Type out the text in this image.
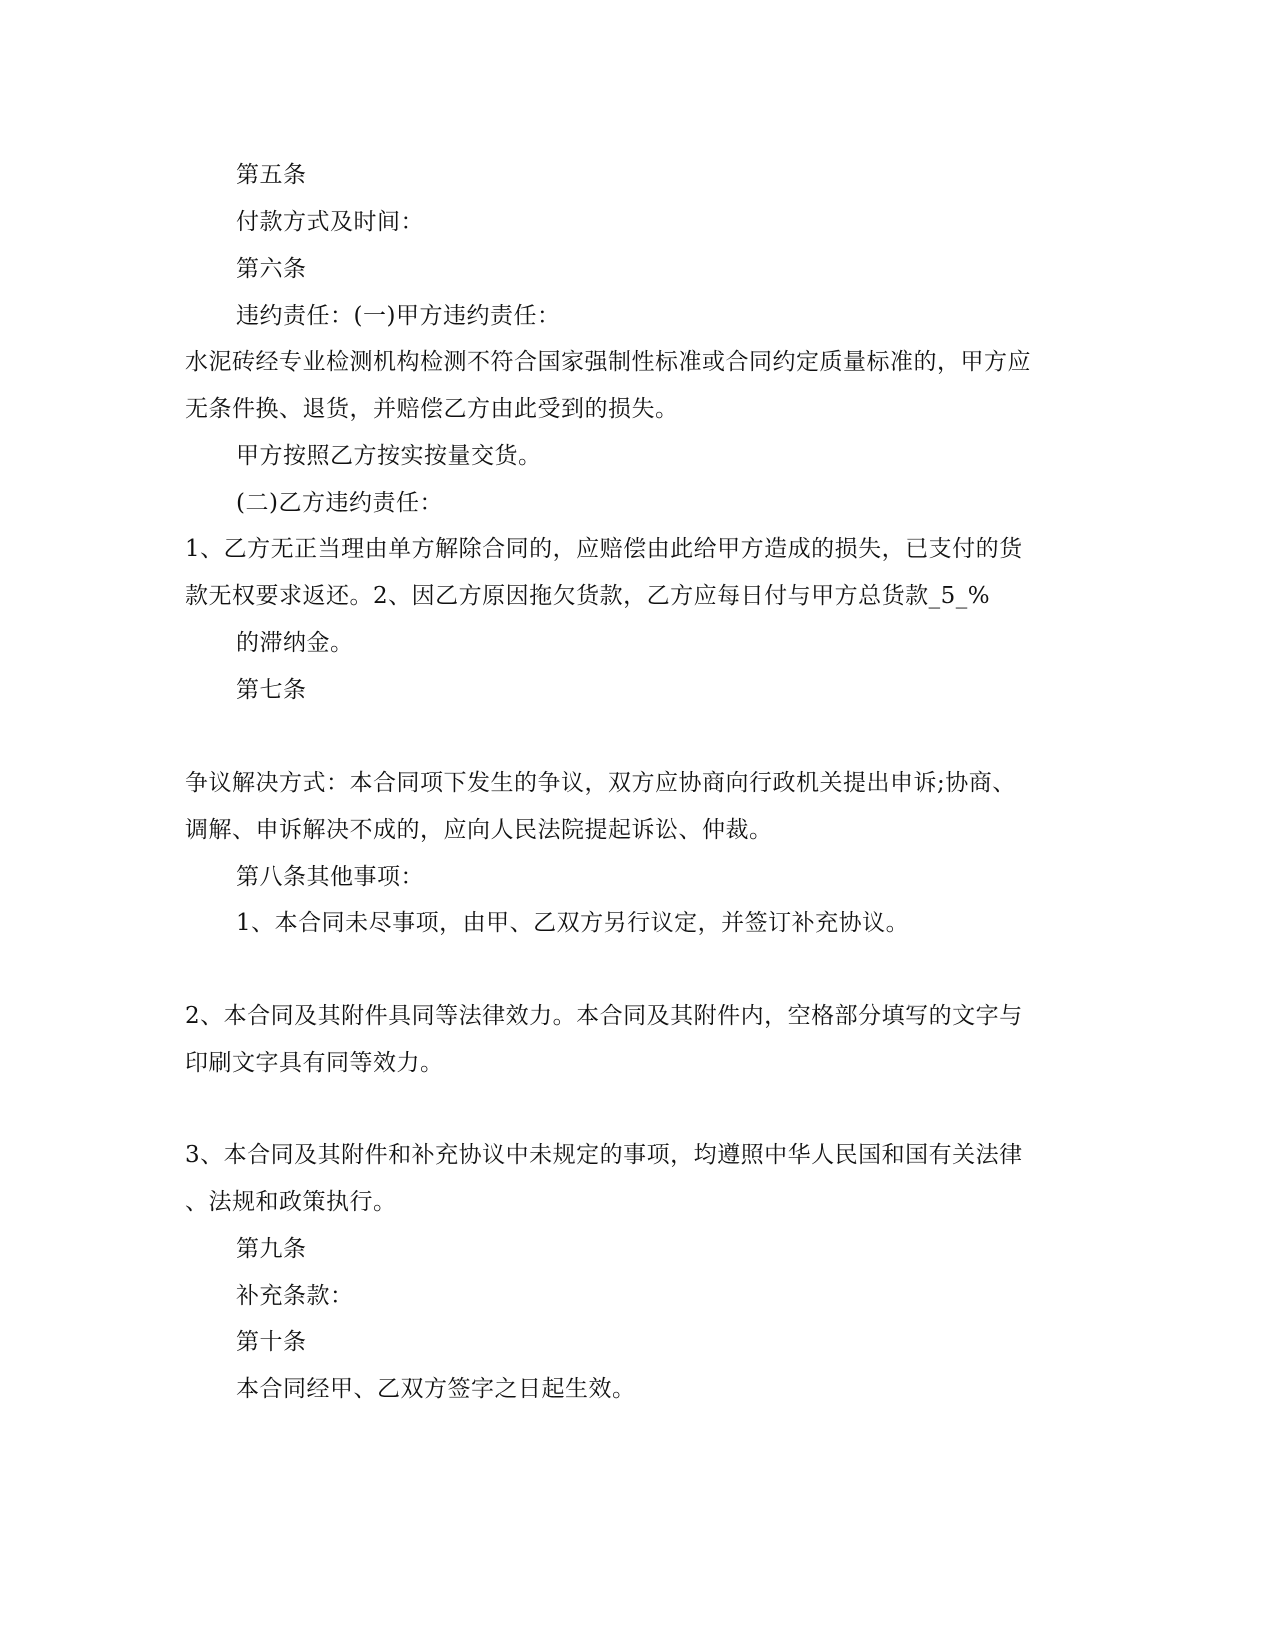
第五条
付款方式及时间：
第六条
违约责任：(一)甲方违约责任：
水泥砖经专业检测机构检测不符合国家强制性标准或合同约定质量标准的，甲方应
无条件换、退货，并赔偿乙方由此受到的损失。
甲方按照乙方按实按量交货。
(二)乙方违约责任：
1、乙方无正当理由单方解除合同的，应赔偿由此给甲方造成的损失，已支付的货
款无权要求返还。2、因乙方原因拖欠货款，乙方应每日付与甲方总货款_5_%
的滞纳金。
第七条
争议解决方式：本合同项下发生的争议，双方应协商向行政机关提出申诉;协商、
调解、申诉解决不成的，应向人民法院提起诉讼、仲裁。
第八条其他事项：
1、本合同未尽事项，由甲、乙双方另行议定，并签订补充协议。
2、本合同及其附件具同等法律效力。本合同及其附件内，空格部分填写的文字与
印刷文字具有同等效力。
3、本合同及其附件和补充协议中未规定的事项，均遵照中华人民国和国有关法律
、法规和政策执行。
第九条
补充条款：
第十条
本合同经甲、乙双方签字之日起生效。
